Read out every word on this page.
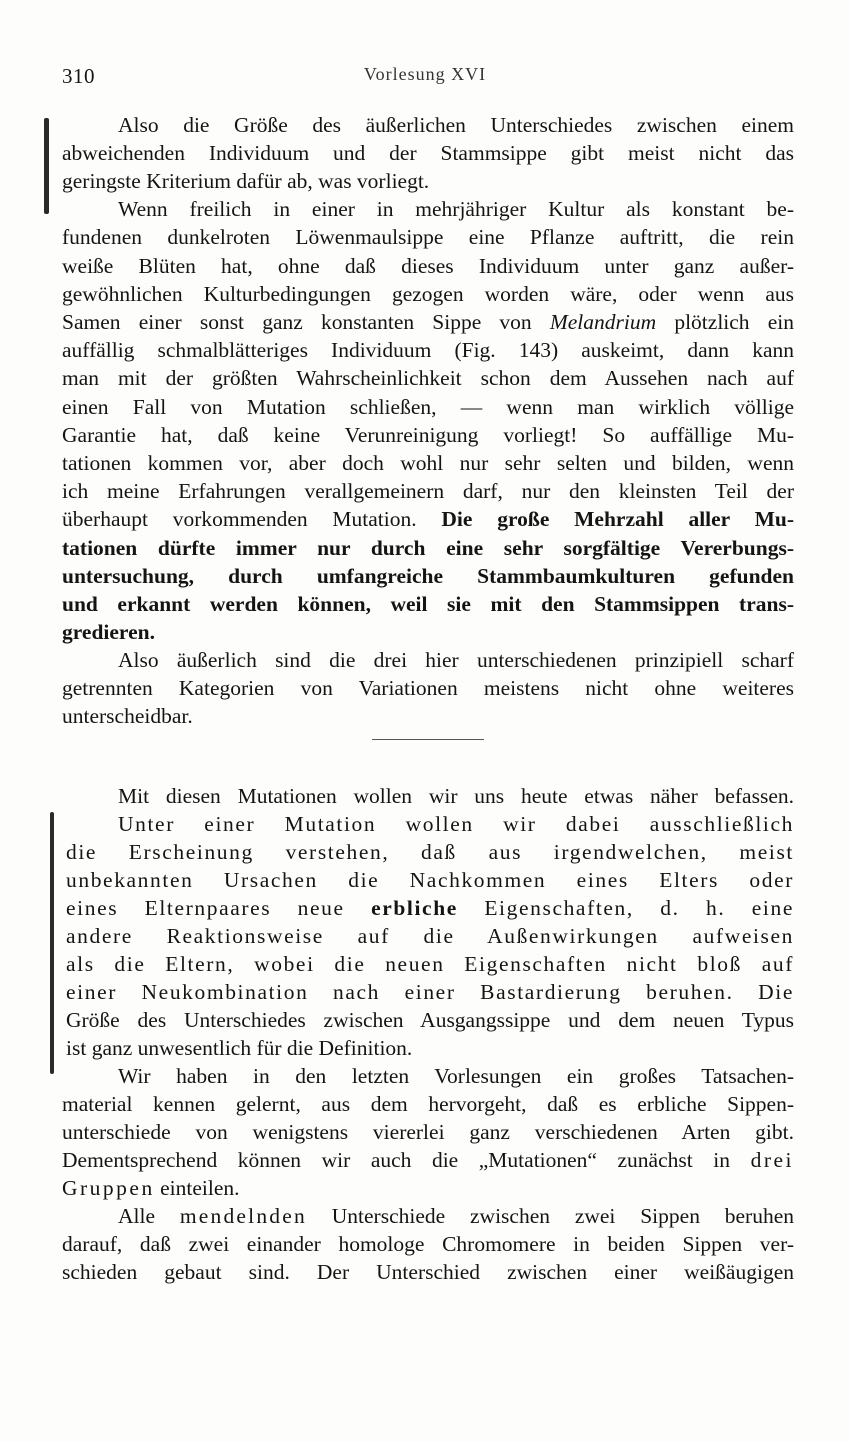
310	Vorlesung XVI
Also die Größe des äußerlichen Unterschiedes zwischen einem
abweichenden Individuum und der Stammsippe gibt meist nicht das
geringste Kriterium dafür ab, was vorliegt.
Wenn freilich in einer in mehrjähriger Kultur als konstant be-
fundenen dunkelroten Löwenmaulsippe eine Pflanze auftritt, die rein
weiße Blüten hat, ohne daß dieses Individuum unter ganz außer-
gewöhnlichen Kulturbedingungen gezogen worden wäre, oder wenn aus
Samen einer sonst ganz konstanten Sippe von Melandrium plötzlich ein
auffällig schmalblätteriges Individuum (Fig. 143) auskeimt, dann kann
man mit der größten Wahrscheinlichkeit schon dem Aussehen nach auf
einen Fall von Mutation schließen, — wenn man wirklich völlige
Garantie hat, daß keine Verunreinigung vorliegt! So auffällige Mu-
tationen kommen vor, aber doch wohl nur sehr selten und bilden, wenn
ich meine Erfahrungen verallgemeinern darf, nur den kleinsten Teil der
überhaupt vorkommenden Mutation. Die große Mehrzahl aller Mu-
tationen dürfte immer nur durch eine sehr sorgfältige Vererbungs-
untersuchung, durch umfangreiche Stammbaumkulturen gefunden
und erkannt werden können, weil sie mit den Stammsippen trans-
gredieren.
Also äußerlich sind die drei hier unterschiedenen prinzipiell scharf
getrennten Kategorien von Variationen meistens nicht ohne weiteres
unterscheidbar.
Mit diesen Mutationen wollen wir uns heute etwas näher befassen.
Unter einer Mutation wollen wir dabei ausschließlich
die Erscheinung verstehen, daß aus irgendwelchen, meist
unbekannten Ursachen die Nachkommen eines Elters oder
eines Elternpaares neue erbliche Eigenschaften, d. h. eine
andere Reaktionsweise auf die Außenwirkungen aufweisen
als die Eltern, wobei die neuen Eigenschaften nicht bloß auf
einer Neukombination nach einer Bastardierung beruhen. Die
Größe des Unterschiedes zwischen Ausgangssippe und dem neuen Typus
ist ganz unwesentlich für die Definition.
Wir haben in den letzten Vorlesungen ein großes Tatsachen-
material kennen gelernt, aus dem hervorgeht, daß es erbliche Sippen-
unterschiede von wenigstens viererlei ganz verschiedenen Arten gibt.
Dementsprechend können wir auch die „Mutationen“ zunächst in drei
Gruppen einteilen.
Alle mendelnden Unterschiede zwischen zwei Sippen beruhen
darauf, daß zwei einander homologe Chromomere in beiden Sippen ver-
schieden gebaut sind. Der Unterschied zwischen einer weißäugigen
